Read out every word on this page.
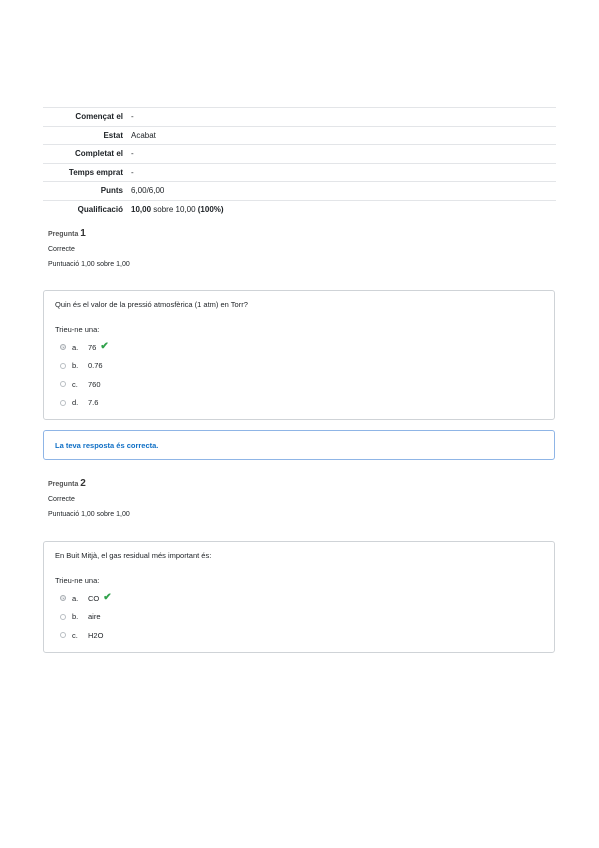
Començat el	-
Estat	Acabat
Completat el	-
Temps emprat	-
Punts	6,00/6,00
Qualificació	10,00 sobre 10,00 (100%)
Pregunta 1
Correcte
Puntuació 1,00 sobre 1,00
Quin és el valor de la pressió atmosfèrica (1 atm) en Torr?
Trieu-ne una:
a.	76 ✔
b.	0.76
c.	760
d.	7.6
La teva resposta és correcta.
Pregunta 2
Correcte
Puntuació 1,00 sobre 1,00
En Buit Mitjà, el gas residual més important és:
Trieu-ne una:
a.	CO ✔
b.	aire
c.	H2O
